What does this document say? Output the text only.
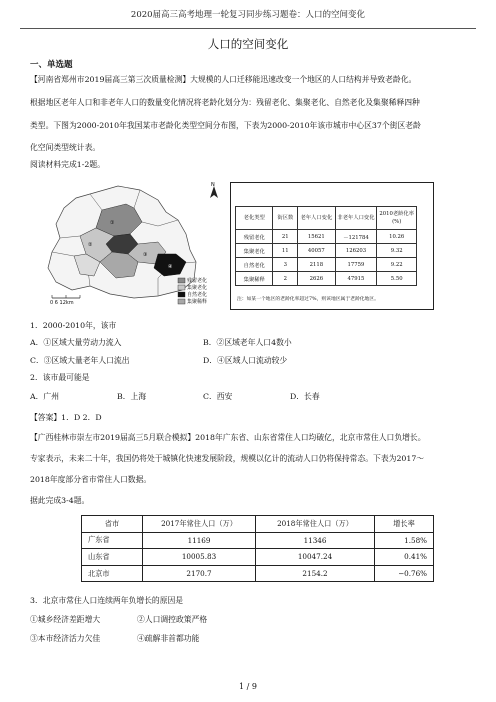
2020届高三高考地理一轮复习同步练习题卷：人口的空间变化
人口的空间变化
一、单选题

【河南省郑州市2019届高三第三次质量检测】大规模的人口迁移能迅速改变一个地区的人口结构并导致老龄化。

根据地区老年人口和非老年人口的数量变化情况将老龄化划分为：残留老化、集聚老化、自然老化及集聚稀释四种

类型。下图为2000-2010年我国某市老龄化类型空间分布图，下表为2000-2010年该市城市中心区37个街区老龄

化空间类型统计表。

阅读材料完成1-2题。

N
①
②
③
④
残留老化
集聚老化
自然老化
集聚稀释
0 6 12km
老化类型	街区数	老年人口变化	非老年人口变化	2010老龄化率(%)
残留老化	21	15621	－121784	10.26
集聚老化	11	40057	126203	9.32
自然老化	3	2118	17759	9.22
集聚稀释	2	2626	47915	5.50
注：如某一个地区的老龄化率超过7%，则该地区属于老龄化地区。

1．2000-2010年，该市

A．①区域大量劳动力流入	B．②区域老年人口4数小
C．③区域大量老年人口流出	D．④区域人口流动较少

2．该市最可能是

A．广州	B．上海	C．西安	D．长春

【答案】1．D 2．D

【广西桂林市崇左市2019届高三5月联合模拟】2018年广东省、山东省常住人口均破亿，北京市常住人口负增长。

专家表示，未来二十年，我国仍将处于城镇化快速发展阶段，规模以亿计的流动人口仍将保持常态。下表为2017～

2018年度部分省市常住人口数据。

据此完成3-4题。

省市	2017年常住人口（万）	2018年常住人口（万）	增长率
广东省	11169	11346	1.58%
山东省	10005.83	10047.24	0.41%
北京市	2170.7	2154.2	−0.76%

3．北京市常住人口连续两年负增长的原因是

①城乡经济差距增大	②人口调控政策严格
③本市经济活力欠佳	④疏解非首都功能
1 / 9
